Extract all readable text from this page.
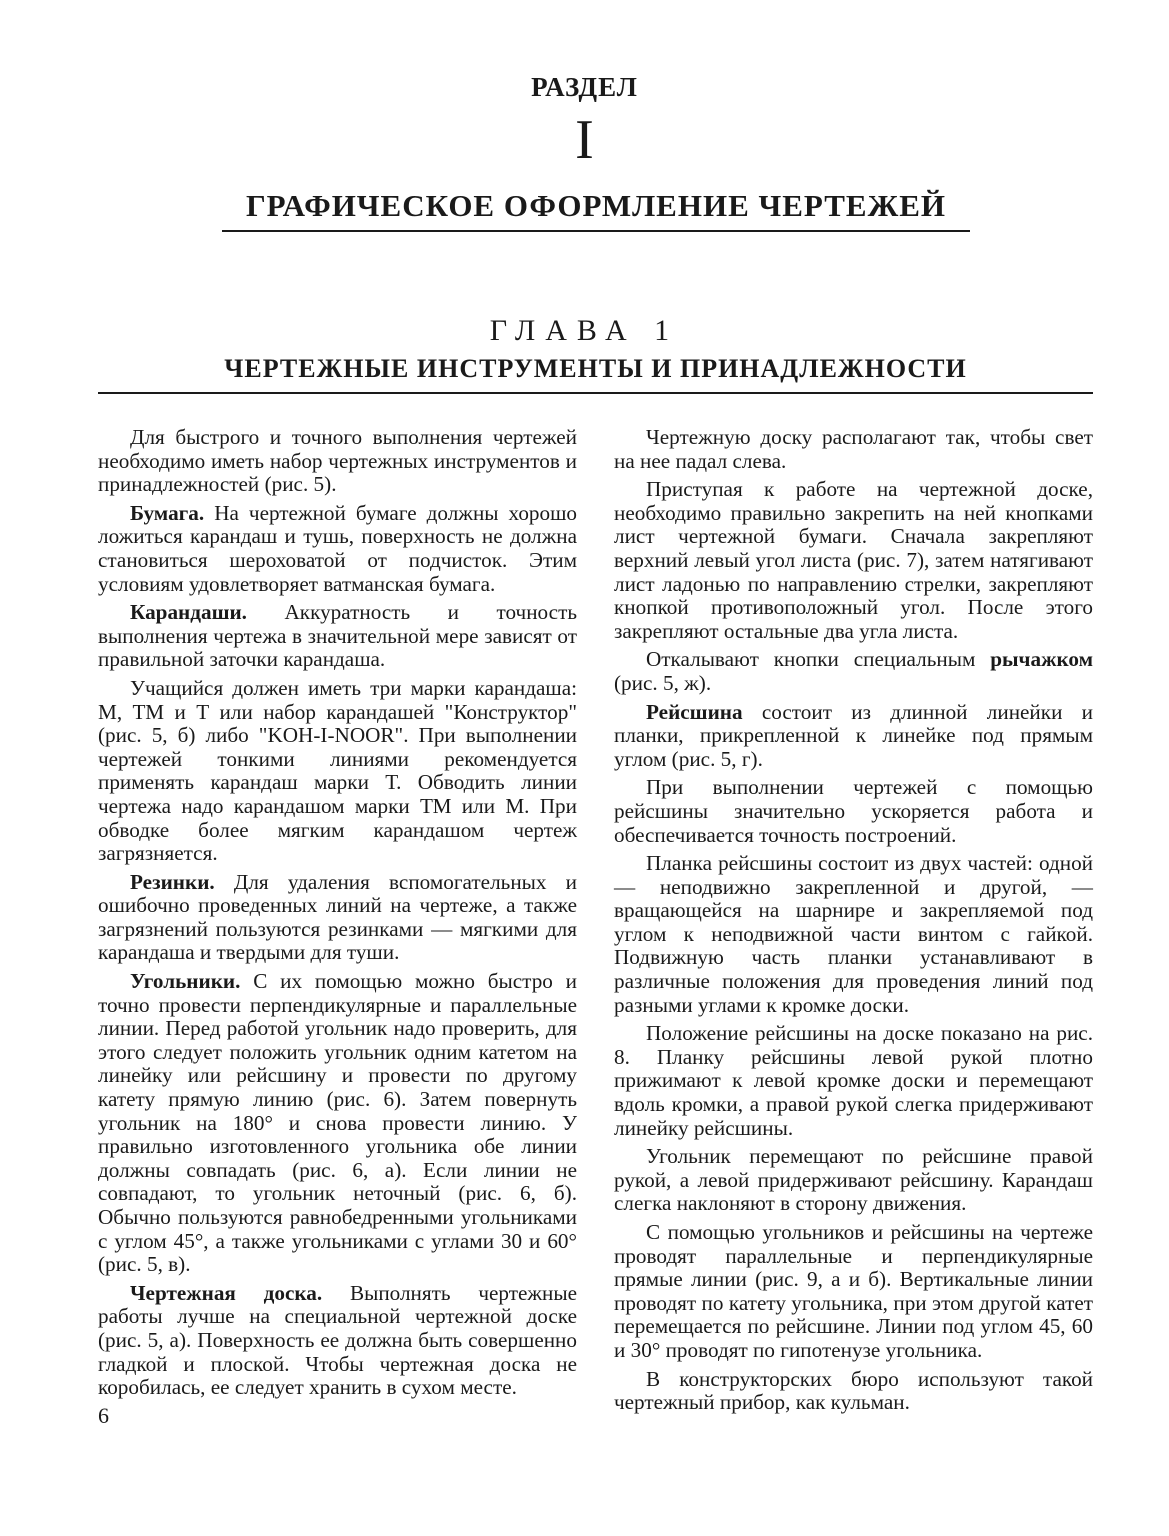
РАЗДЕЛ
I
ГРАФИЧЕСКОЕ ОФОРМЛЕНИЕ ЧЕРТЕЖЕЙ
ГЛАВА 1
ЧЕРТЕЖНЫЕ ИНСТРУМЕНТЫ И ПРИНАДЛЕЖНОСТИ

Для быстрого и точного выполнения чертежей необходимо иметь набор чертежных инструментов и принадлежностей (рис. 5).

Бумага. На чертежной бумаге должны хорошо ложиться карандаш и тушь, поверхность не должна становиться шероховатой от подчисток. Этим условиям удовлетворяет ватманская бумага.

Карандаши. Аккуратность и точность выполнения чертежа в значительной мере зависят от правильной заточки карандаша.

Учащийся должен иметь три марки карандаша: М, ТМ и Т или набор карандашей "Конструктор" (рис. 5, б) либо "KOH-I-NOOR". При выполнении чертежей тонкими линиями рекомендуется применять карандаш марки Т. Обводить линии чертежа надо карандашом марки ТМ или М. При обводке более мягким карандашом чертеж загрязняется.

Резинки. Для удаления вспомогательных и ошибочно проведенных линий на чертеже, а также загрязнений пользуются резинками — мягкими для карандаша и твердыми для туши.

Угольники. С их помощью можно быстро и точно провести перпендикулярные и параллельные линии. Перед работой угольник надо проверить, для этого следует положить угольник одним катетом на линейку или рейсшину и провести по другому катету прямую линию (рис. 6). Затем повернуть угольник на 180° и снова провести линию. У правильно изготовленного угольника обе линии должны совпадать (рис. 6, а). Если линии не совпадают, то угольник неточный (рис. 6, б). Обычно пользуются равнобедренными угольниками с углом 45°, а также угольниками с углами 30 и 60° (рис. 5, в).

Чертежная доска. Выполнять чертежные работы лучше на специальной чертежной доске (рис. 5, а). Поверхность ее должна быть совершенно гладкой и плоской. Чтобы чертежная доска не коробилась, ее следует хранить в сухом месте.

Чертежную доску располагают так, чтобы свет на нее падал слева.

Приступая к работе на чертежной доске, необходимо правильно закрепить на ней кнопками лист чертежной бумаги. Сначала закрепляют верхний левый угол листа (рис. 7), затем натягивают лист ладонью по направлению стрелки, закрепляют кнопкой противоположный угол. После этого закрепляют остальные два угла листа.

Откалывают кнопки специальным рычажком (рис. 5, ж).

Рейсшина состоит из длинной линейки и планки, прикрепленной к линейке под прямым углом (рис. 5, г).

При выполнении чертежей с помощью рейсшины значительно ускоряется работа и обеспечивается точность построений.

Планка рейсшины состоит из двух частей: одной — неподвижно закрепленной и другой, — вращающейся на шарнире и закрепляемой под углом к неподвижной части винтом с гайкой. Подвижную часть планки устанавливают в различные положения для проведения линий под разными углами к кромке доски.

Положение рейсшины на доске показано на рис. 8. Планку рейсшины левой рукой плотно прижимают к левой кромке доски и перемещают вдоль кромки, а правой рукой слегка придерживают линейку рейсшины.

Угольник перемещают по рейсшине правой рукой, а левой придерживают рейсшину. Карандаш слегка наклоняют в сторону движения.

С помощью угольников и рейсшины на чертеже проводят параллельные и перпендикулярные прямые линии (рис. 9, а и б). Вертикальные линии проводят по катету угольника, при этом другой катет перемещается по рейсшине. Линии под углом 45, 60 и 30° проводят по гипотенузе угольника.

В конструкторских бюро используют такой чертежный прибор, как кульман.

6
